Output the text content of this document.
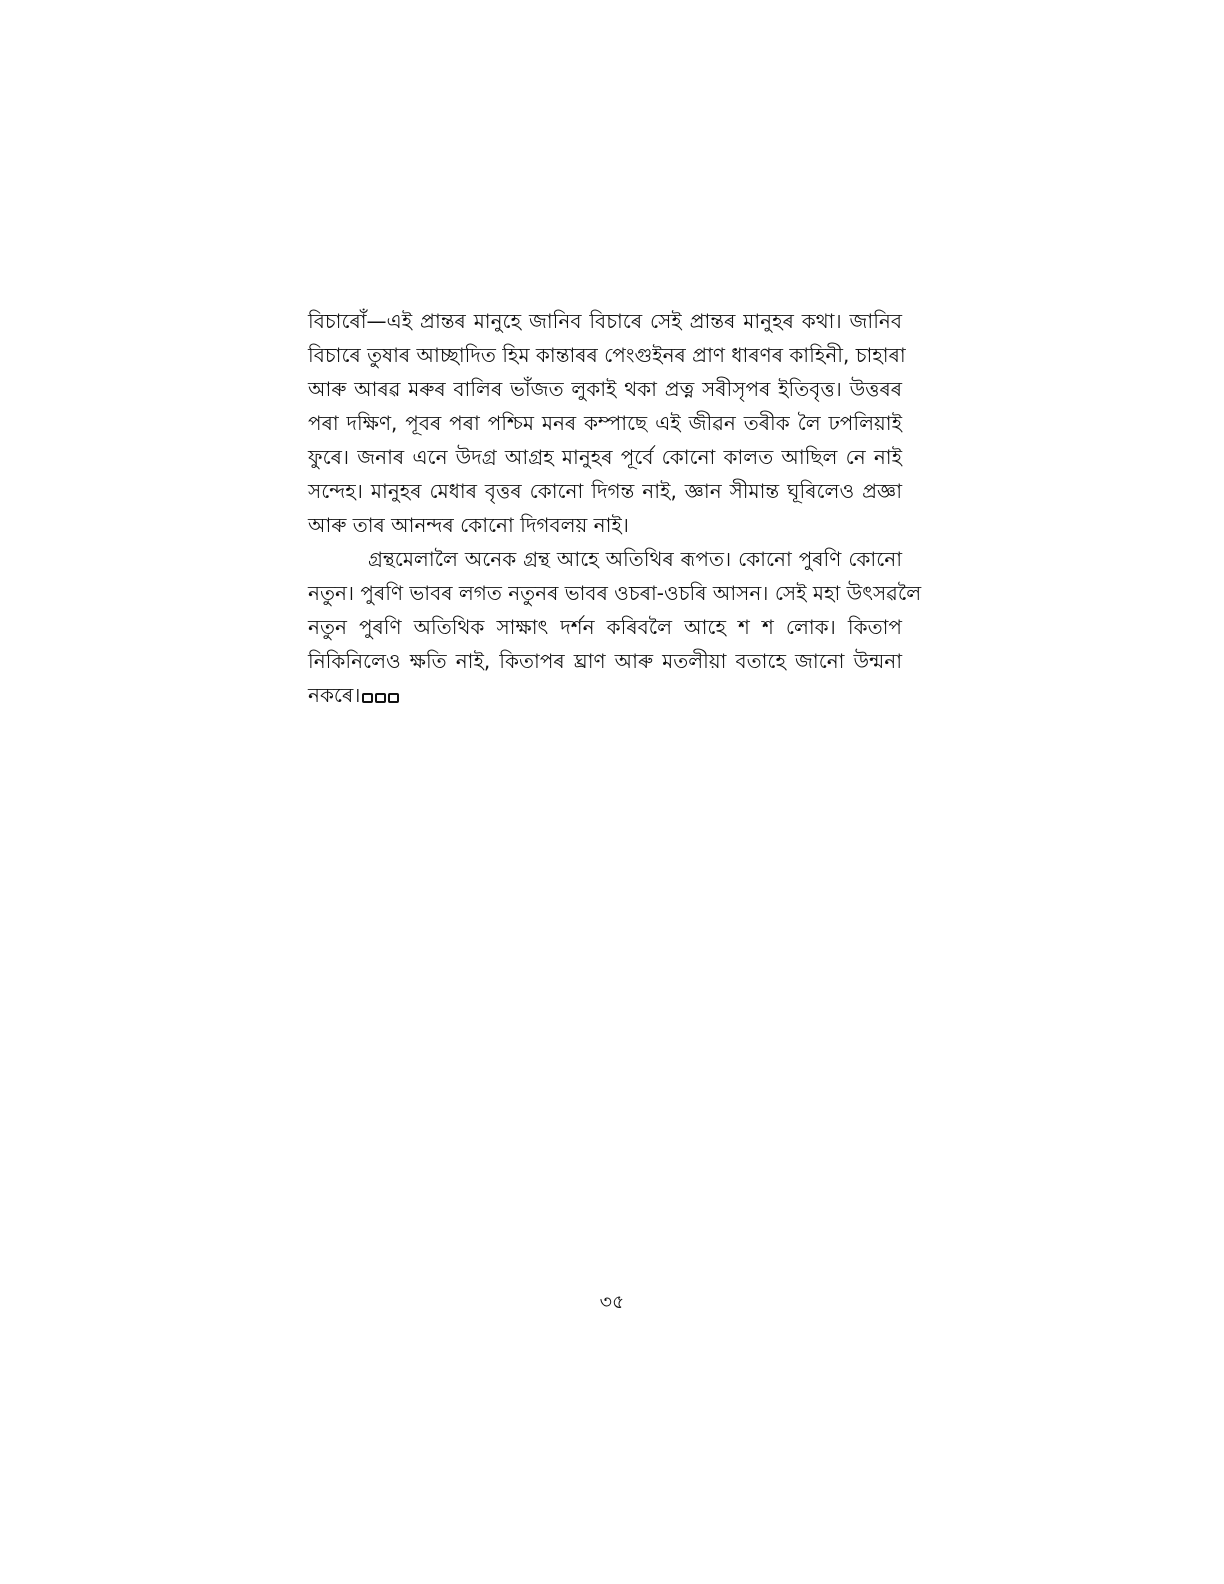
বিচাৰোঁ—এই প্ৰান্তৰ মানুহে জানিব বিচাৰে সেই প্ৰান্তৰ মানুহৰ কথা। জানিব
বিচাৰে তুষাৰ আচ্ছাদিত হিম কান্তাৰৰ পেংগুইনৰ প্ৰাণ ধাৰণৰ কাহিনী, চাহাৰা
আৰু আৰৱ মৰুৰ বালিৰ ভাঁজত লুকাই থকা প্ৰত্ন সৰীসৃপৰ ইতিবৃত্ত। উত্তৰৰ
পৰা দক্ষিণ, পূবৰ পৰা পশ্চিম মনৰ কম্পাছে এই জীৱন তৰীক লৈ ঢপলিয়াই
ফুৰে। জনাৰ এনে উদগ্ৰ আগ্ৰহ মানুহৰ পূৰ্বে কোনো কালত আছিল নে নাই
সন্দেহ। মানুহৰ মেধাৰ বৃত্তৰ কোনো দিগন্ত নাই, জ্ঞান সীমান্ত ঘূৰিলেও প্ৰজ্ঞা
আৰু তাৰ আনন্দৰ কোনো দিগবলয় নাই।
গ্ৰন্থমেলালৈ অনেক গ্ৰন্থ আহে অতিথিৰ ৰূপত। কোনো পুৰণি কোনো
নতুন। পুৰণি ভাবৰ লগত নতুনৰ ভাবৰ ওচৰা-ওচৰি আসন। সেই মহা উৎসৱলৈ
নতুন পুৰণি অতিথিক সাক্ষাৎ দৰ্শন কৰিবলৈ আহে শ শ লোক। কিতাপ
নিকিনিলেও ক্ষতি নাই, কিতাপৰ ঘ্ৰাণ আৰু মতলীয়া বতাহে জানো উন্মনা
নকৰে।
৩৫
